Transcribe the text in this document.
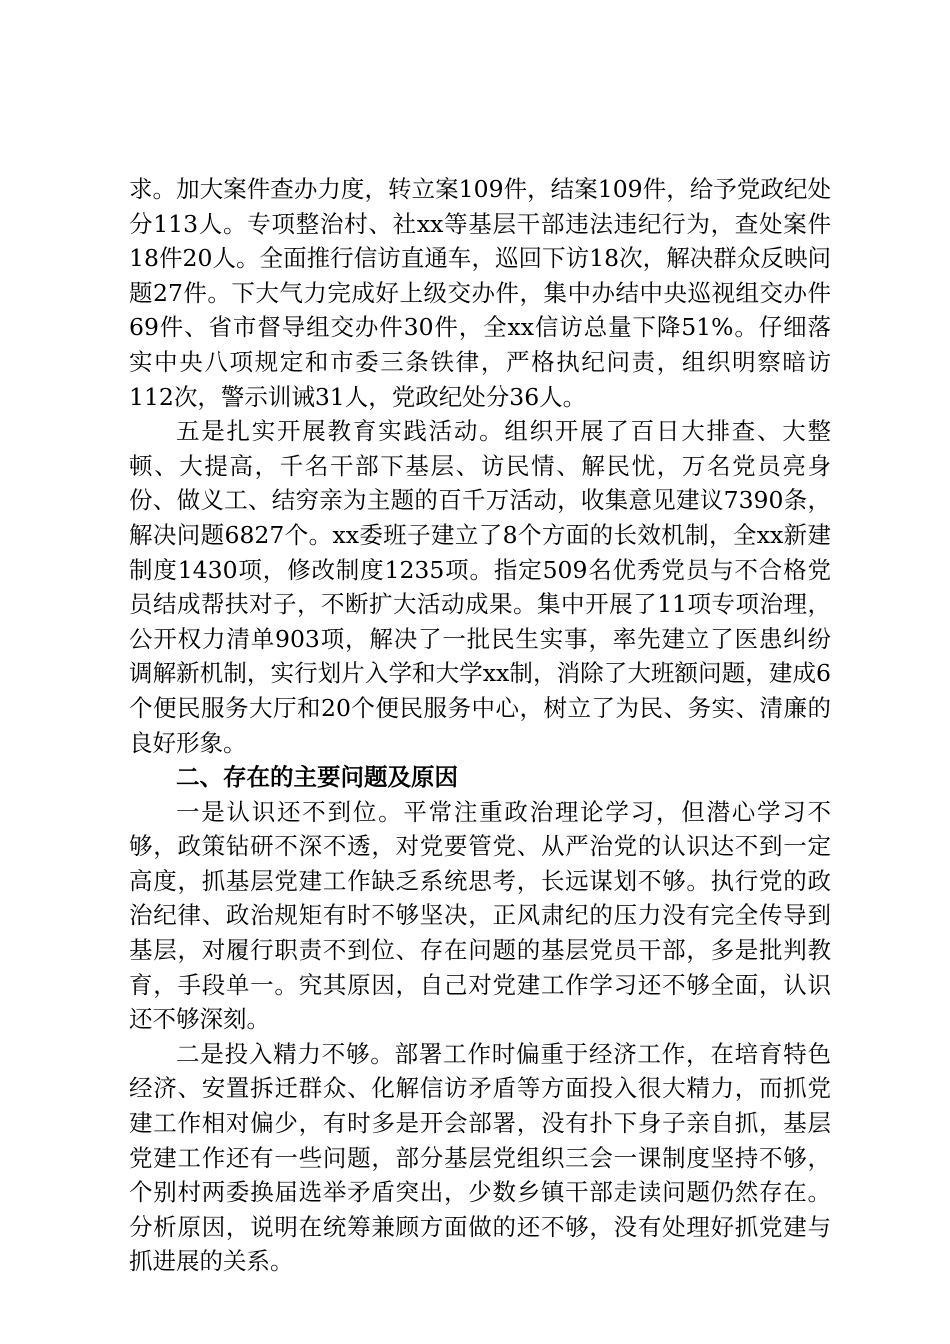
求。加大案件查办力度，转立案109件，结案109件，给予党政纪处分113人。专项整治村、社xx等基层干部违法违纪行为，查处案件18件20人。全面推行信访直通车，巡回下访18次，解决群众反映问题27件。下大气力完成好上级交办件，集中办结中央巡视组交办件69件、省市督导组交办件30件，全xx信访总量下降51%。仔细落实中央八项规定和市委三条铁律，严格执纪问责，组织明察暗访112次，警示训诫31人，党政纪处分36人。

五是扎实开展教育实践活动。组织开展了百日大排查、大整顿、大提高，千名干部下基层、访民情、解民忧，万名党员亮身份、做义工、结穷亲为主题的百千万活动，收集意见建议7390条，解决问题6827个。xx委班子建立了8个方面的长效机制，全xx新建制度1430项，修改制度1235项。指定509名优秀党员与不合格党员结成帮扶对子，不断扩大活动成果。集中开展了11项专项治理，公开权力清单903项，解决了一批民生实事，率先建立了医患纠纷调解新机制，实行划片入学和大学xx制，消除了大班额问题，建成6个便民服务大厅和20个便民服务中心，树立了为民、务实、清廉的良好形象。

二、存在的主要问题及原因

一是认识还不到位。平常注重政治理论学习，但潜心学习不够，政策钻研不深不透，对党要管党、从严治党的认识达不到一定高度，抓基层党建工作缺乏系统思考，长远谋划不够。执行党的政治纪律、政治规矩有时不够坚决，正风肃纪的压力没有完全传导到基层，对履行职责不到位、存在问题的基层党员干部，多是批判教育，手段单一。究其原因，自己对党建工作学习还不够全面，认识还不够深刻。

二是投入精力不够。部署工作时偏重于经济工作，在培育特色经济、安置拆迁群众、化解信访矛盾等方面投入很大精力，而抓党建工作相对偏少，有时多是开会部署，没有扑下身子亲自抓，基层党建工作还有一些问题，部分基层党组织三会一课制度坚持不够，个别村两委换届选举矛盾突出，少数乡镇干部走读问题仍然存在。分析原因，说明在统筹兼顾方面做的还不够，没有处理好抓党建与抓进展的关系。
